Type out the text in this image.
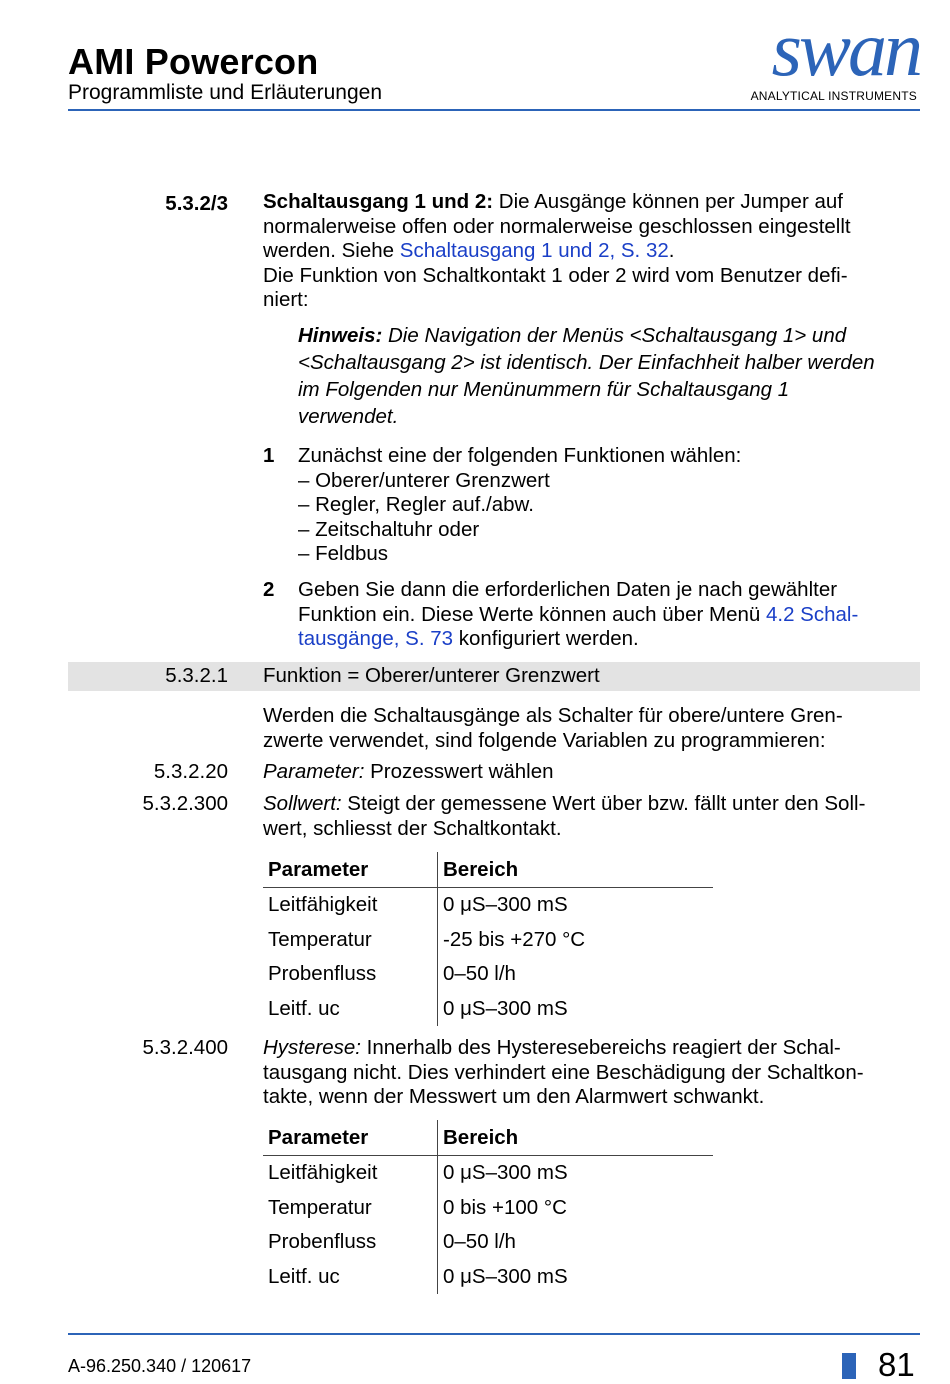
AMI Powercon
Programmliste und Erläuterungen
swan
ANALYTICAL INSTRUMENTS
5.3.2/3 Schaltausgang 1 und 2: Die Ausgänge können per Jumper auf
normalerweise offen oder normalerweise geschlossen eingestellt
werden. Siehe Schaltausgang 1 und 2, S. 32.
Die Funktion von Schaltkontakt 1 oder 2 wird vom Benutzer defi-
niert:
Hinweis: Die Navigation der Menüs <Schaltausgang 1> und
<Schaltausgang 2> ist identisch. Der Einfachheit halber werden
im Folgenden nur Menünummern für Schaltausgang 1
verwendet.
1 Zunächst eine der folgenden Funktionen wählen:
– Oberer/unterer Grenzwert
– Regler, Regler auf./abw.
– Zeitschaltuhr oder
– Feldbus
2 Geben Sie dann die erforderlichen Daten je nach gewählter
Funktion ein. Diese Werte können auch über Menü 4.2 Schal-
tausgänge, S. 73 konfiguriert werden.
5.3.2.1 Funktion = Oberer/unterer Grenzwert
Werden die Schaltausgänge als Schalter für obere/untere Gren-
zwerte verwendet, sind folgende Variablen zu programmieren:
5.3.2.20 Parameter: Prozesswert wählen
5.3.2.300 Sollwert: Steigt der gemessene Wert über bzw. fällt unter den Soll-
wert, schliesst der Schaltkontakt.
Parameter	Bereich
Leitfähigkeit	0 μS–300 mS
Temperatur	-25 bis +270 °C
Probenfluss	0–50 l/h
Leitf. uc	0 μS–300 mS
5.3.2.400 Hysterese: Innerhalb des Hysteresebereichs reagiert der Schal-
tausgang nicht. Dies verhindert eine Beschädigung der Schaltkon-
takte, wenn der Messwert um den Alarmwert schwankt.
Parameter	Bereich
Leitfähigkeit	0 μS–300 mS
Temperatur	0 bis +100 °C
Probenfluss	0–50 l/h
Leitf. uc	0 μS–300 mS
A-96.250.340 / 120617	81
